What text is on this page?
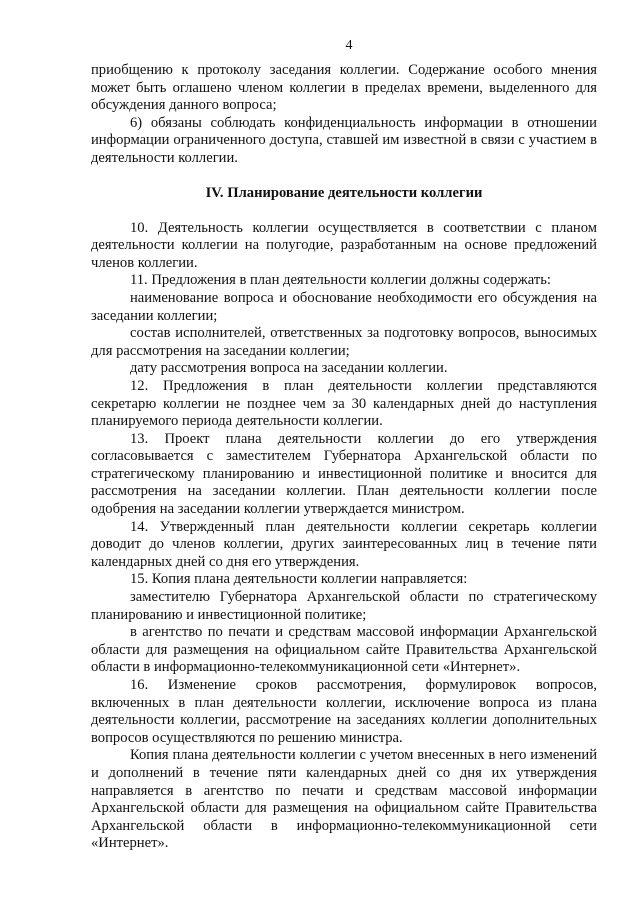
4

приобщению к протоколу заседания коллегии. Содержание особого мнения может быть оглашено членом коллегии в пределах времени, выделенного для обсуждения данного вопроса;

6) обязаны соблюдать конфиденциальность информации в отношении информации ограниченного доступа, ставшей им известной в связи с участием в деятельности коллегии.

IV. Планирование деятельности коллегии

10. Деятельность коллегии осуществляется в соответствии с планом деятельности коллегии на полугодие, разработанным на основе предложений членов коллегии.

11. Предложения в план деятельности коллегии должны содержать:

наименование вопроса и обоснование необходимости его обсуждения на заседании коллегии;

состав исполнителей, ответственных за подготовку вопросов, выносимых для рассмотрения на заседании коллегии;

дату рассмотрения вопроса на заседании коллегии.

12. Предложения в план деятельности коллегии представляются секретарю коллегии не позднее чем за 30 календарных дней до наступления планируемого периода деятельности коллегии.

13. Проект плана деятельности коллегии до его утверждения согласовывается с заместителем Губернатора Архангельской области по стратегическому планированию и инвестиционной политике и вносится для рассмотрения на заседании коллегии. План деятельности коллегии после одобрения на заседании коллегии утверждается министром.

14. Утвержденный план деятельности коллегии секретарь коллегии доводит до членов коллегии, других заинтересованных лиц в течение пяти календарных дней со дня его утверждения.

15. Копия плана деятельности коллегии направляется:

заместителю Губернатора Архангельской области по стратегическому планированию и инвестиционной политике;

в агентство по печати и средствам массовой информации Архангельской области для размещения на официальном сайте Правительства Архангельской области в информационно-телекоммуникационной сети «Интернет».

16. Изменение сроков рассмотрения, формулировок вопросов, включенных в план деятельности коллегии, исключение вопроса из плана деятельности коллегии, рассмотрение на заседаниях коллегии дополнительных вопросов осуществляются по решению министра.

Копия плана деятельности коллегии с учетом внесенных в него изменений и дополнений в течение пяти календарных дней со дня их утверждения направляется в агентство по печати и средствам массовой информации Архангельской области для размещения на официальном сайте Правительства Архангельской области в информационно-телекоммуникационной сети «Интернет».
